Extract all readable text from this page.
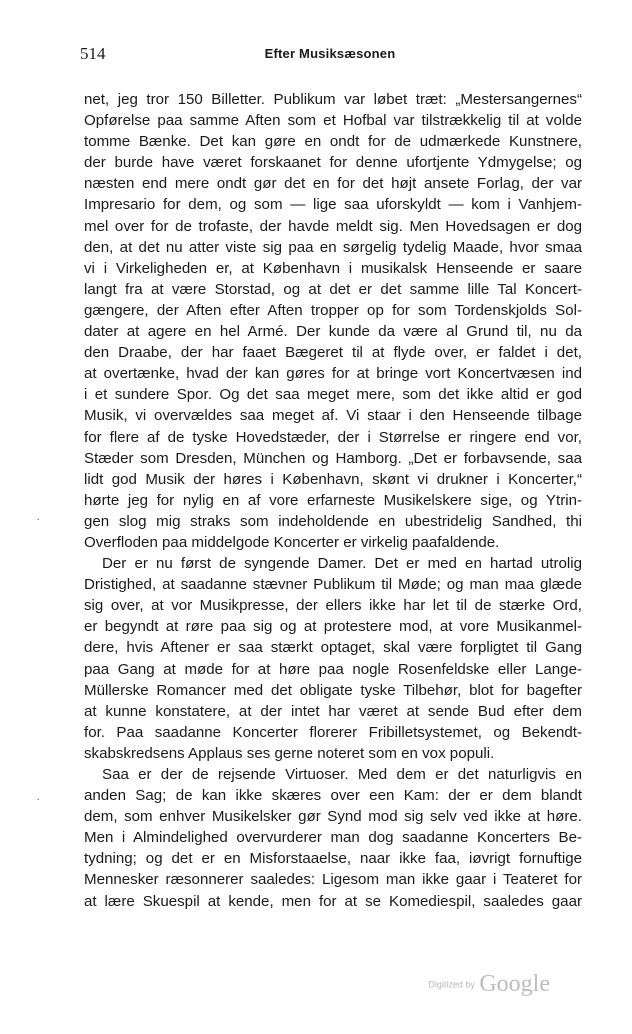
514	Efter Musiksæsonen
net, jeg tror 150 Billetter. Publikum var løbet træt: „Mestersangernes“
Opførelse paa samme Aften som et Hofbal var tilstrækkelig til at volde
tomme Bænke. Det kan gøre en ondt for de udmærkede Kunstnere,
der burde have været forskaanet for denne ufortjente Ydmygelse; og
næsten end mere ondt gør det en for det højt ansete Forlag, der var
Impresario for dem, og som — lige saa uforskyldt — kom i Vanhjem-
mel over for de trofaste, der havde meldt sig. Men Hovedsagen er dog
den, at det nu atter viste sig paa en sørgelig tydelig Maade, hvor smaa
vi i Virkeligheden er, at København i musikalsk Henseende er saare
langt fra at være Storstad, og at det er det samme lille Tal Koncert-
gængere, der Aften efter Aften tropper op for som Tordenskjolds Sol-
dater at agere en hel Armé. Der kunde da være al Grund til, nu da
den Draabe, der har faaet Bægeret til at flyde over, er faldet i det,
at overtænke, hvad der kan gøres for at bringe vort Koncertvæsen ind
i et sundere Spor. Og det saa meget mere, som det ikke altid er god
Musik, vi overvældes saa meget af. Vi staar i den Henseende tilbage
for flere af de tyske Hovedstæder, der i Størrelse er ringere end vor,
Stæder som Dresden, München og Hamborg. „Det er forbavsende, saa
lidt god Musik der høres i København, skønt vi drukner i Koncerter,“
hørte jeg for nylig en af vore erfarneste Musikelskere sige, og Ytrin-
gen slog mig straks som indeholdende en ubestridelig Sandhed, thi
Overfloden paa middelgode Koncerter er virkelig paafaldende.
Der er nu først de syngende Damer. Det er med en hartad utrolig
Dristighed, at saadanne stævner Publikum til Møde; og man maa glæde
sig over, at vor Musikpresse, der ellers ikke har let til de stærke Ord,
er begyndt at røre paa sig og at protestere mod, at vore Musikanmel-
dere, hvis Aftener er saa stærkt optaget, skal være forpligtet til Gang
paa Gang at møde for at høre paa nogle Rosenfeldske eller Lange-
Müllerske Romancer med det obligate tyske Tilbehør, blot for bagefter
at kunne konstatere, at der intet har været at sende Bud efter dem
for. Paa saadanne Koncerter florerer Fribilletsystemet, og Bekendt-
skabskredsens Applaus ses gerne noteret som en vox populi.
Saa er der de rejsende Virtuoser. Med dem er det naturligvis en
anden Sag; de kan ikke skæres over een Kam: der er dem blandt
dem, som enhver Musikelsker gør Synd mod sig selv ved ikke at høre.
Men i Almindelighed overvurderer man dog saadanne Koncerters Be-
tydning; og det er en Misforstaaelse, naar ikke faa, iøvrigt fornuftige
Mennesker ræsonnerer saaledes: Ligesom man ikke gaar i Teateret for
at lære Skuespil at kende, men for at se Komediespil, saaledes gaar
.
.
Digitized by Google
